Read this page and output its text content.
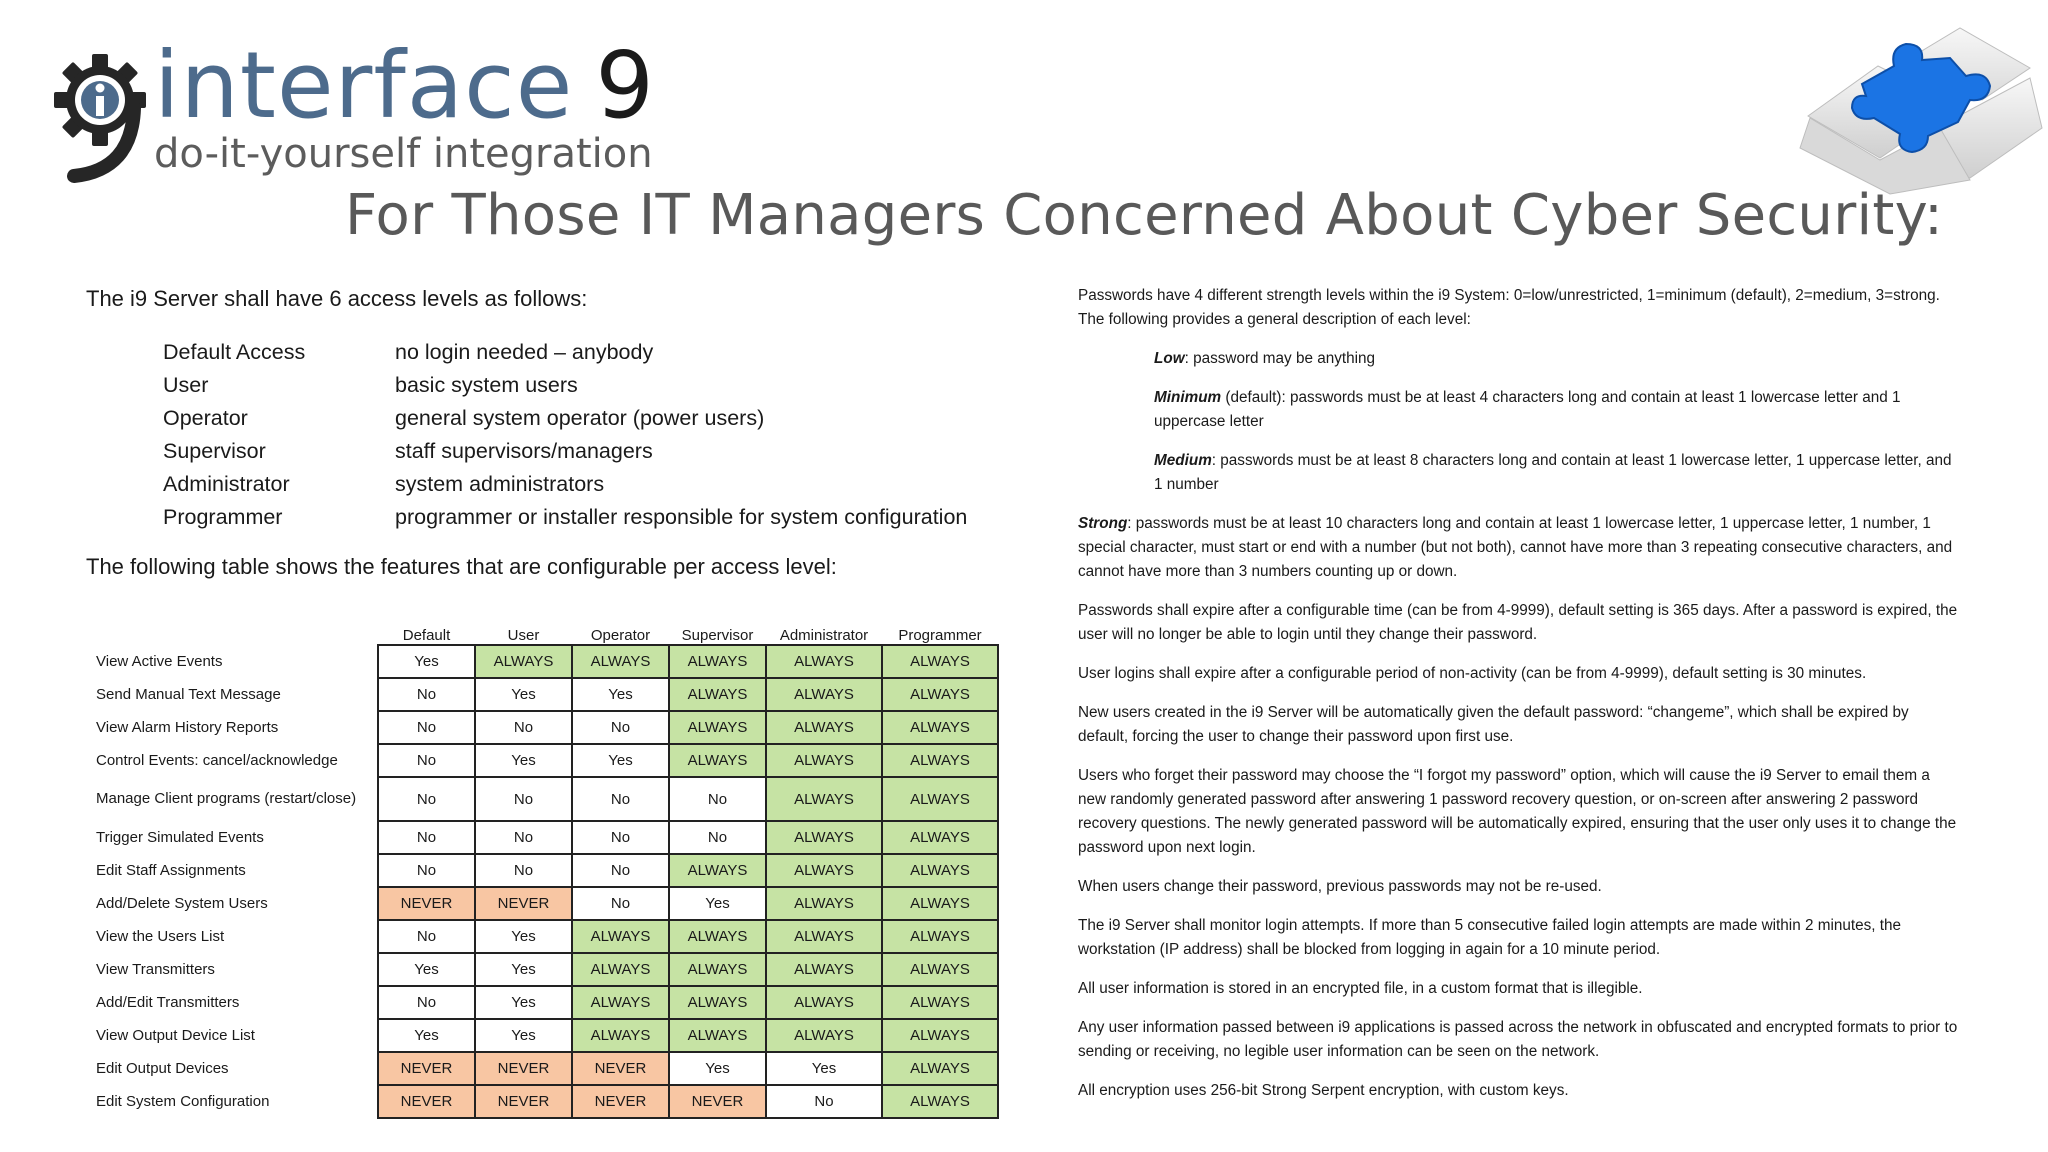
interface 9
do-it-yourself integration
For Those IT Managers Concerned About Cyber Security:

The i9 Server shall have 6 access levels as follows:

Default Access	no login needed – anybody
User	basic system users
Operator	general system operator (power users)
Supervisor	staff supervisors/managers
Administrator	system administrators
Programmer	programmer or installer responsible for system configuration

The following table shows the features that are configurable per access level:

	Default	User	Operator	Supervisor	Administrator	Programmer
View Active Events	Yes	ALWAYS	ALWAYS	ALWAYS	ALWAYS	ALWAYS
Send Manual Text Message	No	Yes	Yes	ALWAYS	ALWAYS	ALWAYS
View Alarm History Reports	No	No	No	ALWAYS	ALWAYS	ALWAYS
Control Events: cancel/acknowledge	No	Yes	Yes	ALWAYS	ALWAYS	ALWAYS
Manage Client programs (restart/close)	No	No	No	No	ALWAYS	ALWAYS
Trigger Simulated Events	No	No	No	No	ALWAYS	ALWAYS
Edit Staff Assignments	No	No	No	ALWAYS	ALWAYS	ALWAYS
Add/Delete System Users	NEVER	NEVER	No	Yes	ALWAYS	ALWAYS
View the Users List	No	Yes	ALWAYS	ALWAYS	ALWAYS	ALWAYS
View Transmitters	Yes	Yes	ALWAYS	ALWAYS	ALWAYS	ALWAYS
Add/Edit Transmitters	No	Yes	ALWAYS	ALWAYS	ALWAYS	ALWAYS
View Output Device List	Yes	Yes	ALWAYS	ALWAYS	ALWAYS	ALWAYS
Edit Output Devices	NEVER	NEVER	NEVER	Yes	Yes	ALWAYS
Edit System Configuration	NEVER	NEVER	NEVER	NEVER	No	ALWAYS

Passwords have 4 different strength levels within the i9 System: 0=low/unrestricted, 1=minimum (default), 2=medium, 3=strong. The following provides a general description of each level:

Low: password may be anything

Minimum (default): passwords must be at least 4 characters long and contain at least 1 lowercase letter and 1 uppercase letter

Medium: passwords must be at least 8 characters long and contain at least 1 lowercase letter, 1 uppercase letter, and 1 number

Strong: passwords must be at least 10 characters long and contain at least 1 lowercase letter, 1 uppercase letter, 1 number, 1 special character, must start or end with a number (but not both), cannot have more than 3 repeating consecutive characters, and cannot have more than 3 numbers counting up or down.

Passwords shall expire after a configurable time (can be from 4-9999), default setting is 365 days. After a password is expired, the user will no longer be able to login until they change their password.

User logins shall expire after a configurable period of non-activity (can be from 4-9999), default setting is 30 minutes.

New users created in the i9 Server will be automatically given the default password: “changeme”, which shall be expired by default, forcing the user to change their password upon first use.

Users who forget their password may choose the “I forgot my password” option, which will cause the i9 Server to email them a new randomly generated password after answering 1 password recovery question, or on-screen after answering 2 password recovery questions. The newly generated password will be automatically expired, ensuring that the user only uses it to change the password upon next login.

When users change their password, previous passwords may not be re-used.

The i9 Server shall monitor login attempts. If more than 5 consecutive failed login attempts are made within 2 minutes, the workstation (IP address) shall be blocked from logging in again for a 10 minute period.

All user information is stored in an encrypted file, in a custom format that is illegible.

Any user information passed between i9 applications is passed across the network in obfuscated and encrypted formats to prior to sending or receiving, no legible user information can be seen on the network.

All encryption uses 256-bit Strong Serpent encryption, with custom keys.
